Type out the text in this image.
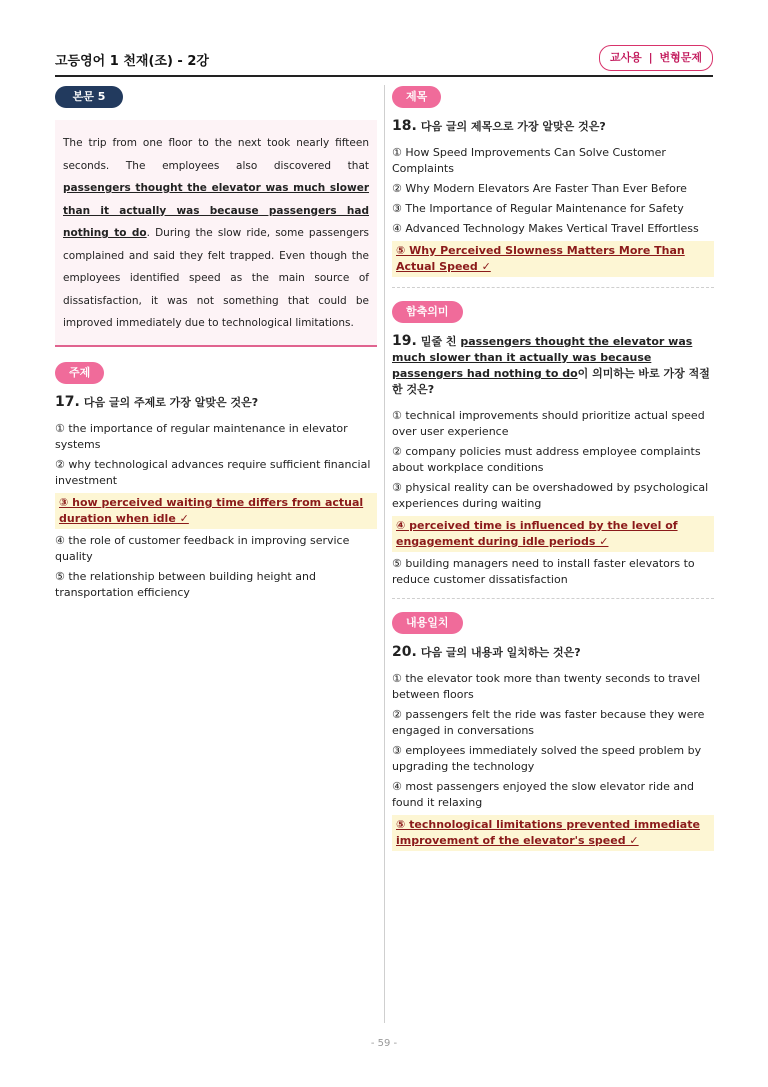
고등영어 1 천재(조) - 2강	교사용 | 변형문제
본문 5
The trip from one floor to the next took nearly fifteen seconds. The employees also discovered that passengers thought the elevator was much slower than it actually was because passengers had nothing to do. During the slow ride, some passengers complained and said they felt trapped. Even though the employees identified speed as the main source of dissatisfaction, it was not something that could be improved immediately due to technological limitations.
주제
17. 다음 글의 주제로 가장 알맞은 것은?
① the importance of regular maintenance in elevator systems
② why technological advances require sufficient financial investment
③ how perceived waiting time differs from actual duration when idle ✓
④ the role of customer feedback in improving service quality
⑤ the relationship between building height and transportation efficiency
제목
18. 다음 글의 제목으로 가장 알맞은 것은?
① How Speed Improvements Can Solve Customer Complaints
② Why Modern Elevators Are Faster Than Ever Before
③ The Importance of Regular Maintenance for Safety
④ Advanced Technology Makes Vertical Travel Effortless
⑤ Why Perceived Slowness Matters More Than Actual Speed ✓
함축의미
19. 밑줄 친 passengers thought the elevator was much slower than it actually was because passengers had nothing to do이 의미하는 바로 가장 적절한 것은?
① technical improvements should prioritize actual speed over user experience
② company policies must address employee complaints about workplace conditions
③ physical reality can be overshadowed by psychological experiences during waiting
④ perceived time is influenced by the level of engagement during idle periods ✓
⑤ building managers need to install faster elevators to reduce customer dissatisfaction
내용일치
20. 다음 글의 내용과 일치하는 것은?
① the elevator took more than twenty seconds to travel between floors
② passengers felt the ride was faster because they were engaged in conversations
③ employees immediately solved the speed problem by upgrading the technology
④ most passengers enjoyed the slow elevator ride and found it relaxing
⑤ technological limitations prevented immediate improvement of the elevator's speed ✓
- 59 -
